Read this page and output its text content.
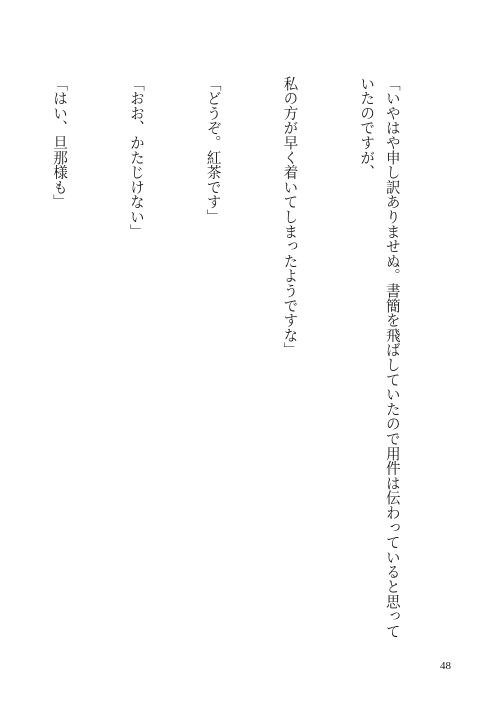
「いやはや申し訳ありませぬ。書簡を飛ばしていたので用件は伝わっていると思っていたのですが、

私の方が早く着いてしまったようですな」

「どうぞ。紅茶です」

「おお、かたじけない」

「はい、旦那様も」

48
